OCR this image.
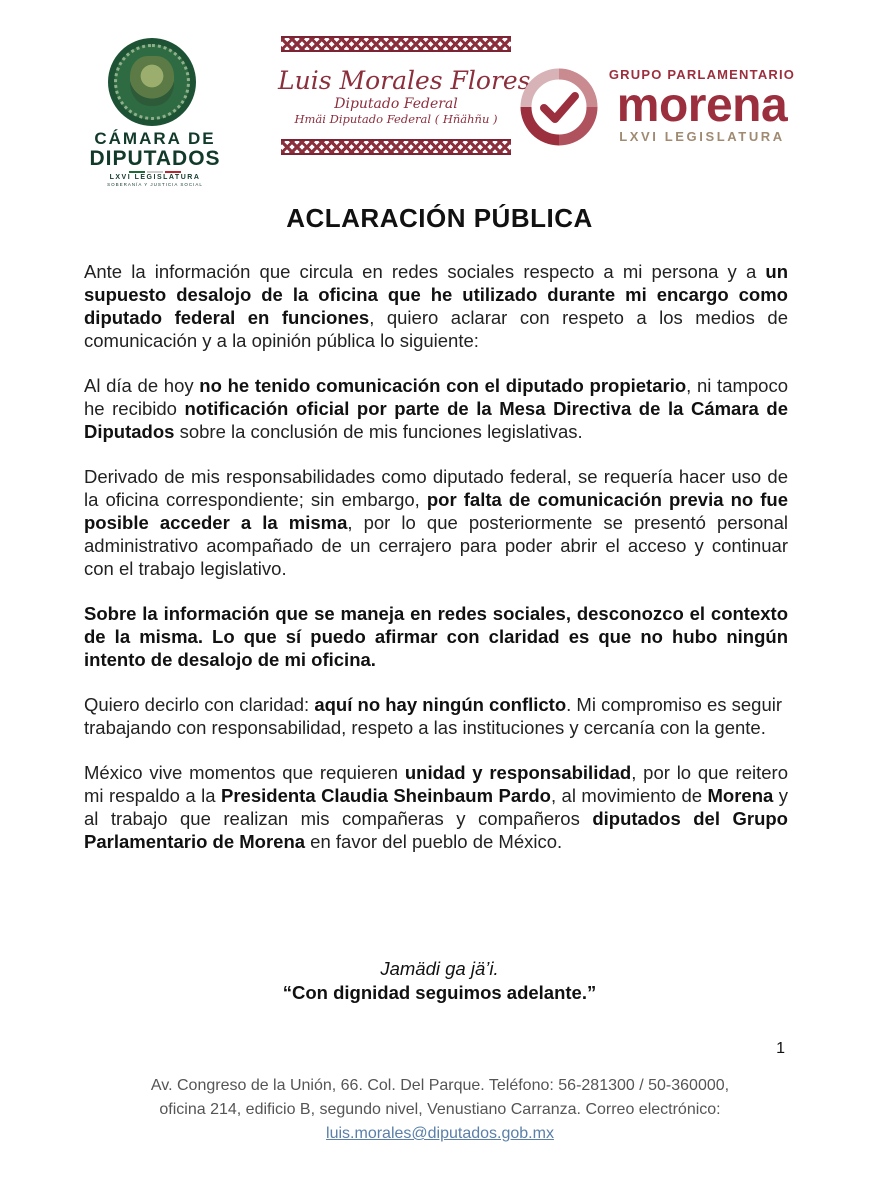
CÁMARA DE
DIPUTADOS
LXVI LEGISLATURA
SOBERANÍA Y JUSTICIA SOCIAL
Luis Morales Flores
Diputado Federal
Hmäi Diputado Federal ( Hñähñu )
GRUPO PARLAMENTARIO
morena
LXVI LEGISLATURA
ACLARACIÓN PÚBLICA

Ante la información que circula en redes sociales respecto a mi persona y a un supuesto desalojo de la oficina que he utilizado durante mi encargo como diputado federal en funciones, quiero aclarar con respeto a los medios de comunicación y a la opinión pública lo siguiente:

Al día de hoy no he tenido comunicación con el diputado propietario, ni tampoco he recibido notificación oficial por parte de la Mesa Directiva de la Cámara de Diputados sobre la conclusión de mis funciones legislativas.

Derivado de mis responsabilidades como diputado federal, se requería hacer uso de la oficina correspondiente; sin embargo, por falta de comunicación previa no fue posible acceder a la misma, por lo que posteriormente se presentó personal administrativo acompañado de un cerrajero para poder abrir el acceso y continuar con el trabajo legislativo.

Sobre la información que se maneja en redes sociales, desconozco el contexto de la misma. Lo que sí puedo afirmar con claridad es que no hubo ningún intento de desalojo de mi oficina.

Quiero decirlo con claridad: aquí no hay ningún conflicto. Mi compromiso es seguir trabajando con responsabilidad, respeto a las instituciones y cercanía con la gente.

México vive momentos que requieren unidad y responsabilidad, por lo que reitero mi respaldo a la Presidenta Claudia Sheinbaum Pardo, al movimiento de Morena y al trabajo que realizan mis compañeras y compañeros diputados del Grupo Parlamentario de Morena en favor del pueblo de México.

Jamädi ga jä’i.
“Con dignidad seguimos adelante.”
1
Av. Congreso de la Unión, 66. Col. Del Parque. Teléfono: 56-281300 / 50-360000,
oficina 214, edificio B, segundo nivel, Venustiano Carranza. Correo electrónico:
luis.morales@diputados.gob.mx
